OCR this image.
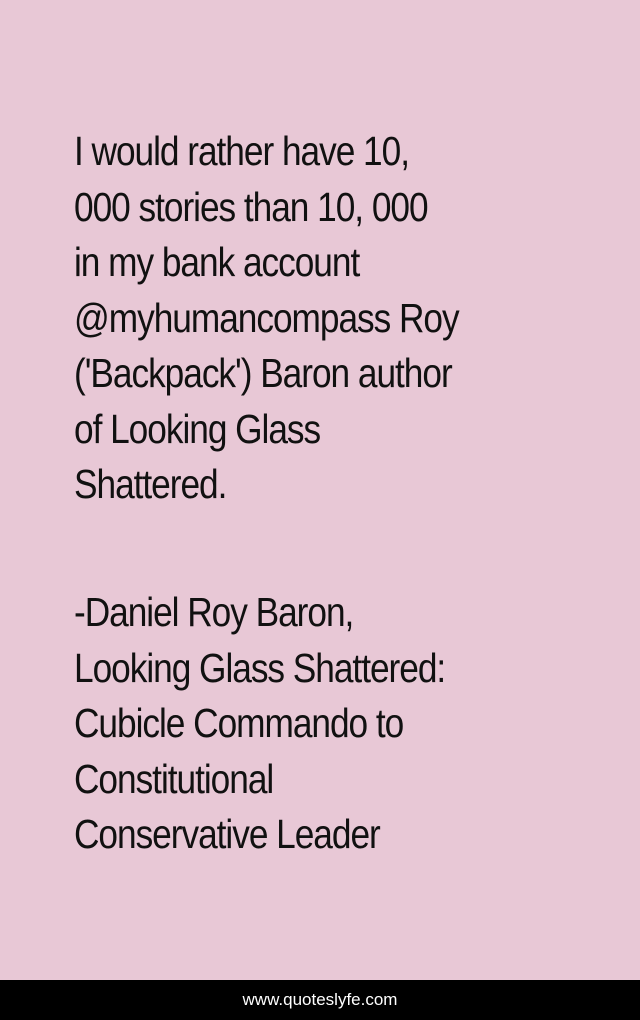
I would rather have 10,
000 stories than 10, 000
in my bank account
@myhumancompass Roy
('Backpack') Baron author
of Looking Glass
Shattered.
-Daniel Roy Baron,
Looking Glass Shattered:
Cubicle Commando to
Constitutional
Conservative Leader
www.quoteslyfe.com
